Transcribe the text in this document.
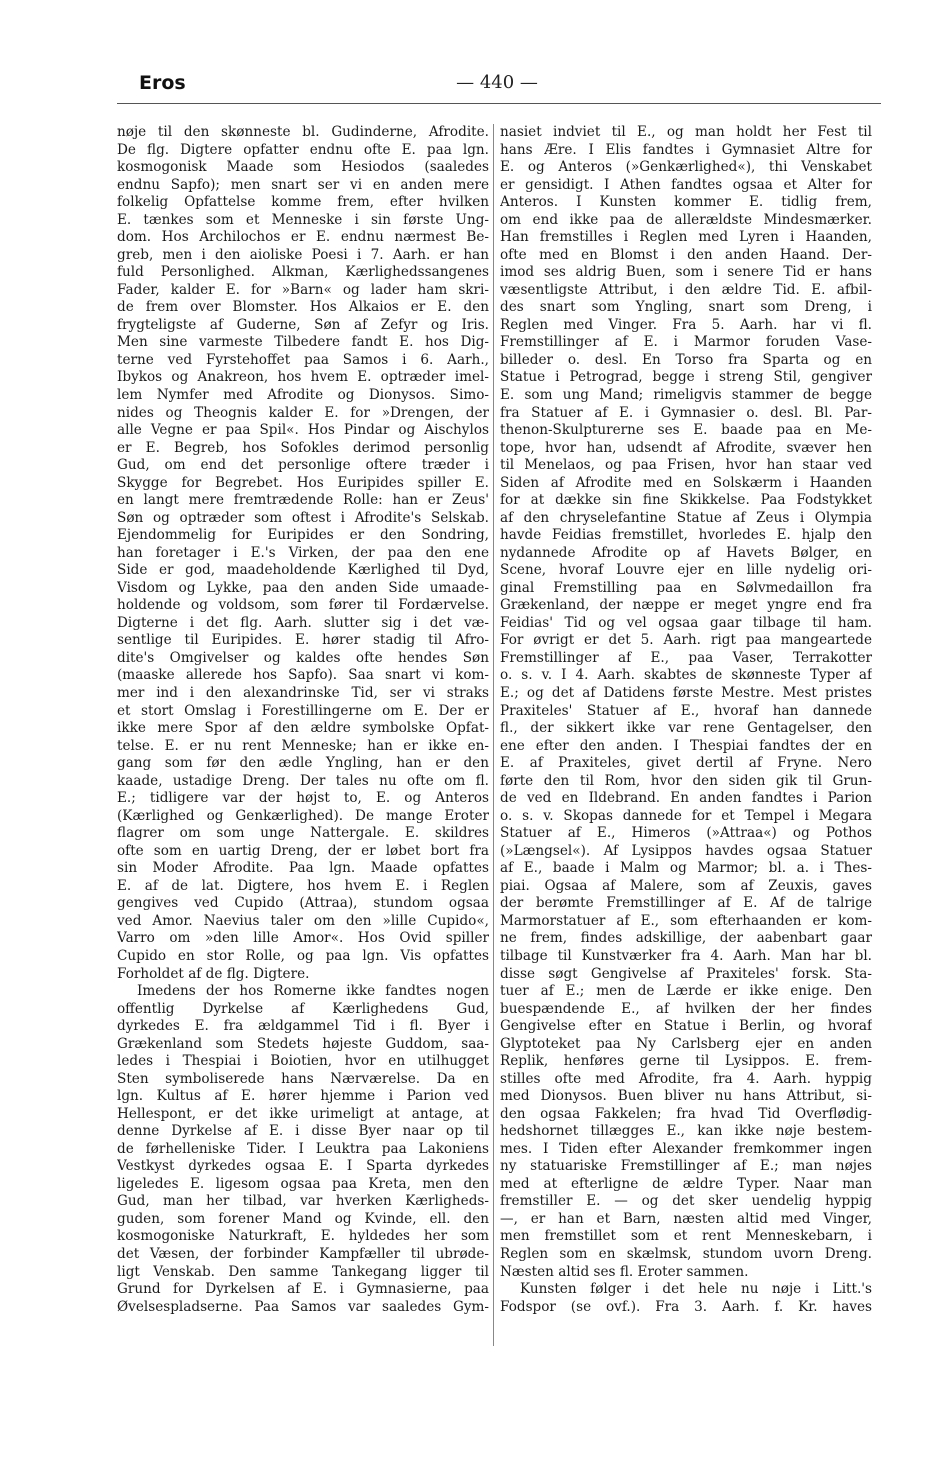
Eros	— 440 —
nøje til den skønneste bl. Gudinderne, Afrodite.
De flg. Digtere opfatter endnu ofte E. paa lgn.
kosmogonisk Maade som Hesiodos (saaledes
endnu Sapfo); men snart ser vi en anden mere
folkelig Opfattelse komme frem, efter hvilken
E. tænkes som et Menneske i sin første Ung-
dom. Hos Archilochos er E. endnu nærmest Be-
greb, men i den aioliske Poesi i 7. Aarh. er han
fuld Personlighed. Alkman, Kærlighedssangenes
Fader, kalder E. for »Barn« og lader ham skri-
de frem over Blomster. Hos Alkaios er E. den
frygteligste af Guderne, Søn af Zefyr og Iris.
Men sine varmeste Tilbedere fandt E. hos Dig-
terne ved Fyrstehoffet paa Samos i 6. Aarh.,
Ibykos og Anakreon, hos hvem E. optræder imel-
lem Nymfer med Afrodite og Dionysos. Simo-
nides og Theognis kalder E. for »Drengen, der
alle Vegne er paa Spil«. Hos Pindar og Aischylos
er E. Begreb, hos Sofokles derimod personlig
Gud, om end det personlige oftere træder i
Skygge for Begrebet. Hos Euripides spiller E.
en langt mere fremtrædende Rolle: han er Zeus'
Søn og optræder som oftest i Afrodite's Selskab.
Ejendommelig for Euripides er den Sondring,
han foretager i E.'s Virken, der paa den ene
Side er god, maadeholdende Kærlighed til Dyd,
Visdom og Lykke, paa den anden Side umaade-
holdende og voldsom, som fører til Fordærvelse.
Digterne i det flg. Aarh. slutter sig i det væ-
sentlige til Euripides. E. hører stadig til Afro-
dite's Omgivelser og kaldes ofte hendes Søn
(maaske allerede hos Sapfo). Saa snart vi kom-
mer ind i den alexandrinske Tid, ser vi straks
et stort Omslag i Forestillingerne om E. Der er
ikke mere Spor af den ældre symbolske Opfat-
telse. E. er nu rent Menneske; han er ikke en-
gang som før den ædle Yngling, han er den
kaade, ustadige Dreng. Der tales nu ofte om fl.
E.; tidligere var der højst to, E. og Anteros
(Kærlighed og Genkærlighed). De mange Eroter
flagrer om som unge Nattergale. E. skildres
ofte som en uartig Dreng, der er løbet bort fra
sin Moder Afrodite. Paa lgn. Maade opfattes
E. af de lat. Digtere, hos hvem E. i Reglen
gengives ved Cupido (Attraa), stundom ogsaa
ved Amor. Naevius taler om den »lille Cupido«,
Varro om »den lille Amor«. Hos Ovid spiller
Cupido en stor Rolle, og paa lgn. Vis opfattes
Forholdet af de flg. Digtere.
Imedens der hos Romerne ikke fandtes nogen
offentlig Dyrkelse af Kærlighedens Gud,
dyrkedes E. fra ældgammel Tid i fl. Byer i
Grækenland som Stedets højeste Guddom, saa-
ledes i Thespiai i Boiotien, hvor en utilhugget
Sten symboliserede hans Nærværelse. Da en
lgn. Kultus af E. hører hjemme i Parion ved
Hellespont, er det ikke urimeligt at antage, at
denne Dyrkelse af E. i disse Byer naar op til
de førhelleniske Tider. I Leuktra paa Lakoniens
Vestkyst dyrkedes ogsaa E. I Sparta dyrkedes
ligeledes E. ligesom ogsaa paa Kreta, men den
Gud, man her tilbad, var hverken Kærligheds-
guden, som forener Mand og Kvinde, ell. den
kosmogoniske Naturkraft, E. hyldedes her som
det Væsen, der forbinder Kampfæller til ubrøde-
ligt Venskab. Den samme Tankegang ligger til
Grund for Dyrkelsen af E. i Gymnasierne, paa
Øvelsespladserne. Paa Samos var saaledes Gym-
nasiet indviet til E., og man holdt her Fest til
hans Ære. I Elis fandtes i Gymnasiet Altre for
E. og Anteros (»Genkærlighed«), thi Venskabet
er gensidigt. I Athen fandtes ogsaa et Alter for
Anteros. I Kunsten kommer E. tidlig frem,
om end ikke paa de allerældste Mindesmærker.
Han fremstilles i Reglen med Lyren i Haanden,
ofte med en Blomst i den anden Haand. Der-
imod ses aldrig Buen, som i senere Tid er hans
væsentligste Attribut, i den ældre Tid. E. afbil-
des snart som Yngling, snart som Dreng, i
Reglen med Vinger. Fra 5. Aarh. har vi fl.
Fremstillinger af E. i Marmor foruden Vase-
billeder o. desl. En Torso fra Sparta og en
Statue i Petrograd, begge i streng Stil, gengiver
E. som ung Mand; rimeligvis stammer de begge
fra Statuer af E. i Gymnasier o. desl. Bl. Par-
thenon-Skulpturerne ses E. baade paa en Me-
tope, hvor han, udsendt af Afrodite, svæver hen
til Menelaos, og paa Frisen, hvor han staar ved
Siden af Afrodite med en Solskærm i Haanden
for at dække sin fine Skikkelse. Paa Fodstykket
af den chryselefantine Statue af Zeus i Olympia
havde Feidias fremstillet, hvorledes E. hjalp den
nydannede Afrodite op af Havets Bølger, en
Scene, hvoraf Louvre ejer en lille nydelig ori-
ginal Fremstilling paa en Sølvmedaillon fra
Grækenland, der næppe er meget yngre end fra
Feidias' Tid og vel ogsaa gaar tilbage til ham.
For øvrigt er det 5. Aarh. rigt paa mangeartede
Fremstillinger af E., paa Vaser, Terrakotter
o. s. v. I 4. Aarh. skabtes de skønneste Typer af
E.; og det af Datidens første Mestre. Mest pristes
Praxiteles' Statuer af E., hvoraf han dannede
fl., der sikkert ikke var rene Gentagelser, den
ene efter den anden. I Thespiai fandtes der en
E. af Praxiteles, givet dertil af Fryne. Nero
førte den til Rom, hvor den siden gik til Grun-
de ved en Ildebrand. En anden fandtes i Parion
o. s. v. Skopas dannede for et Tempel i Megara
Statuer af E., Himeros (»Attraa«) og Pothos
(»Længsel«). Af Lysippos havdes ogsaa Statuer
af E., baade i Malm og Marmor; bl. a. i Thes-
piai. Ogsaa af Malere, som af Zeuxis, gaves
der berømte Fremstillinger af E. Af de talrige
Marmorstatuer af E., som efterhaanden er kom-
ne frem, findes adskillige, der aabenbart gaar
tilbage til Kunstværker fra 4. Aarh. Man har bl.
disse søgt Gengivelse af Praxiteles' forsk. Sta-
tuer af E.; men de Lærde er ikke enige. Den
buespændende E., af hvilken der her findes
Gengivelse efter en Statue i Berlin, og hvoraf
Glyptoteket paa Ny Carlsberg ejer en anden
Replik, henføres gerne til Lysippos. E. frem-
stilles ofte med Afrodite, fra 4. Aarh. hyppig
med Dionysos. Buen bliver nu hans Attribut, si-
den ogsaa Fakkelen; fra hvad Tid Overflødig-
hedshornet tillægges E., kan ikke nøje bestem-
mes. I Tiden efter Alexander fremkommer ingen
ny statuariske Fremstillinger af E.; man nøjes
med at efterligne de ældre Typer. Naar man
fremstiller E. — og det sker uendelig hyppig
—, er han et Barn, næsten altid med Vinger,
men fremstillet som et rent Menneskebarn, i
Reglen som en skælmsk, stundom uvorn Dreng.
Næsten altid ses fl. Eroter sammen.
Kunsten følger i det hele nu nøje i Litt.'s
Fodspor (se ovf.). Fra 3. Aarh. f. Kr. haves
